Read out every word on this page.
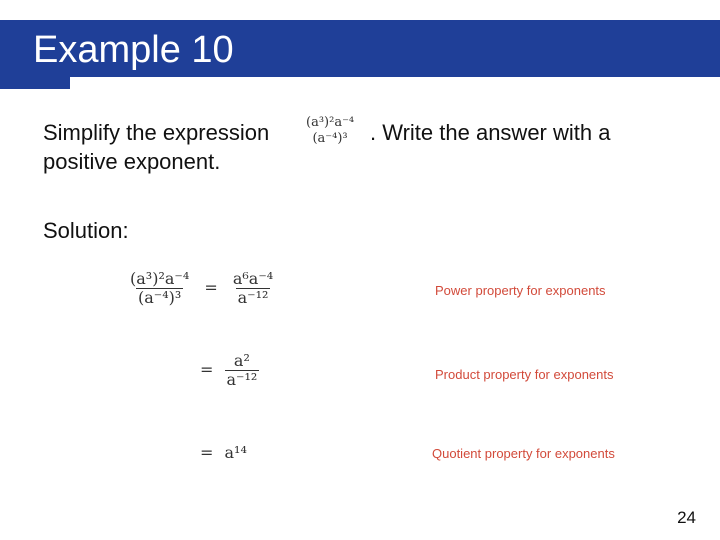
Example 10
Simplify the expression	(a³)²a⁻⁴
(a⁻⁴)³ . Write the answer with a
positive exponent.
Solution:
$\frac{\text{(a³)²a⁻⁴}}{\text{(a⁻⁴)³}} = \frac{\text{a⁶a⁻⁴}}{\text{a⁻¹²}}$	Power property for exponents
= $\frac{\text{a²}}{\text{a⁻¹²}}$	Product property for exponents
= a¹⁴	Quotient property for exponents
24
